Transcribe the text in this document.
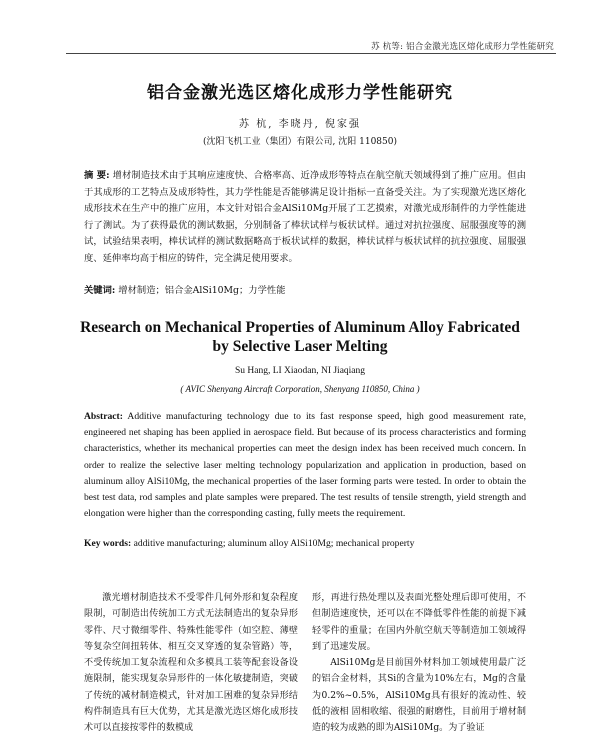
苏 杭等: 铝合金激光选区熔化成形力学性能研究
铝合金激光选区熔化成形力学性能研究
苏 杭, 李晓丹, 倪家强
(沈阳飞机工业（集团）有限公司, 沈阳 110850)
摘 要: 增材制造技术由于其响应速度快、合格率高、近净成形等特点在航空航天领域得到了推广应用。但由于其成形的工艺特点及成形特性，其力学性能是否能够满足设计指标一直备受关注。为了实现激光选区熔化成形技术在生产中的推广应用，本文针对铝合金AlSi10Mg开展了工艺摸索，对激光成形制件的力学性能进行了测试。为了获得最优的测试数据，分别制备了棒状试样与板状试样。通过对抗拉强度、屈服强度等的测试，试验结果表明，棒状试样的测试数据略高于板状试样的数据，棒状试样与板状试样的抗拉强度、屈服强度、延伸率均高于相应的铸件，完全满足使用要求。
关键词: 增材制造；铝合金AlSi10Mg；力学性能
Research on Mechanical Properties of Aluminum Alloy Fabricated
by Selective Laser Melting
Su Hang, LI Xiaodan, NI Jiaqiang
( AVIC Shenyang Aircraft Corporation, Shenyang 110850, China )
Abstract: Additive manufacturing technology due to its fast response speed, high good measurement rate, engineered net shaping has been applied in aerospace field. But because of its process characteristics and forming characteristics, whether its mechanical properties can meet the design index has been received much concern. In order to realize the selective laser melting technology popularization and application in production, based on aluminum alloy AlSi10Mg, the mechanical properties of the laser forming parts were tested. In order to obtain the best test data, rod samples and plate samples were prepared. The test results of tensile strength, yield strength and elongation were higher than the corresponding casting, fully meets the requirement.
Key words: additive manufacturing; aluminum alloy AlSi10Mg; mechanical property

激光增材制造技术不受零件几何外形和复杂程度限制，可制造出传统加工方式无法制造出的复杂异形零件、尺寸微细零件、特殊性能零件（如空腔、薄壁等复杂空间扭转体、相互交叉穿透的复杂管路）等，不受传统加工复杂流程和众多模具工装等配套设备设施限制，能实现复杂异形件的一体化敏捷制造，突破了传统的减材制造模式，针对加工困难的复杂异形结构件制造具有巨大优势，尤其是激光选区熔化成形技术可以直接按零件的数模成

形，再进行热处理以及表面光整处理后即可使用，不但制造速度快，还可以在不降低零件性能的前提下减轻零件的重量；在国内外航空航天等制造加工领域得到了迅速发展。

AlSi10Mg是目前国外材料加工领域使用最广泛的铝合金材料，其Si的含量为10%左右，Mg的含量为0.2%~0.5%，AlSi10Mg具有很好的流动性、较低的液相 固相收缩、很强的耐磨性，目前用于增材制造的较为成熟的即为AlSi10Mg。为了验证
